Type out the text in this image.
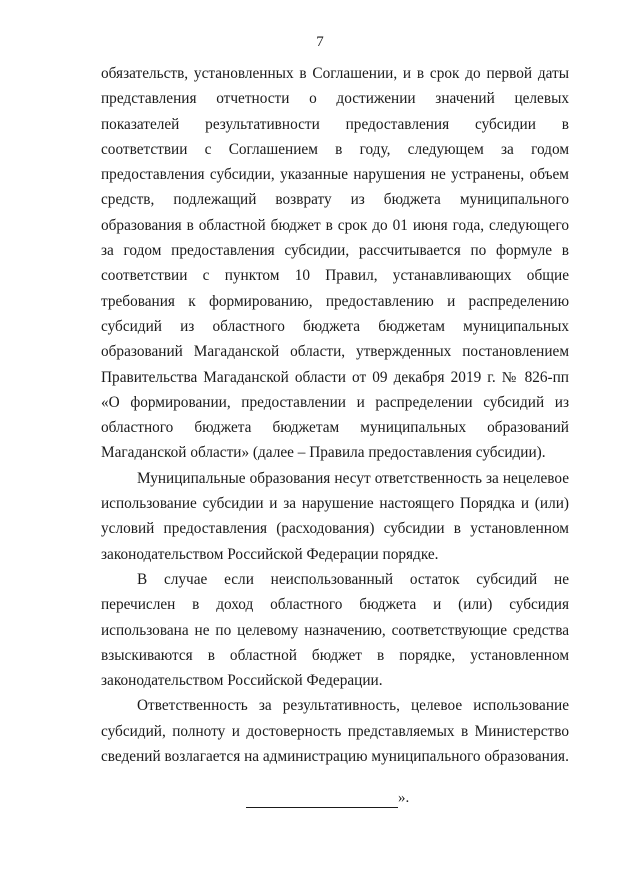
7

обязательств, установленных в Соглашении, и в срок до первой даты представления отчетности о достижении значений целевых показателей результативности предоставления субсидии в соответствии с Соглашением в году, следующем за годом предоставления субсидии, указанные нарушения не устранены, объем средств, подлежащий возврату из бюджета муниципального образования в областной бюджет в срок до 01 июня года, следующего за годом предоставления субсидии, рассчитывается по формуле в соответствии с пунктом 10 Правил, устанавливающих общие требования к формированию, предоставлению и распределению субсидий из областного бюджета бюджетам муниципальных образований Магаданской области, утвержденных постановлением Правительства Магаданской области от 09 декабря 2019 г. № 826-пп «О формировании, предоставлении и распределении субсидий из областного бюджета бюджетам муниципальных образований Магаданской области» (далее – Правила предоставления субсидии).

Муниципальные образования несут ответственность за нецелевое использование субсидии и за нарушение настоящего Порядка и (или) условий предоставления (расходования) субсидии в установленном законодательством Российской Федерации порядке.

В случае если неиспользованный остаток субсидий не перечислен в доход областного бюджета и (или) субсидия использована не по целевому назначению, соответствующие средства взыскиваются в областной бюджет в порядке, установленном законодательством Российской Федерации.

Ответственность за результативность, целевое использование субсидий, полноту и достоверность представляемых в Министерство сведений возлагается на администрацию муниципального образования.

».
